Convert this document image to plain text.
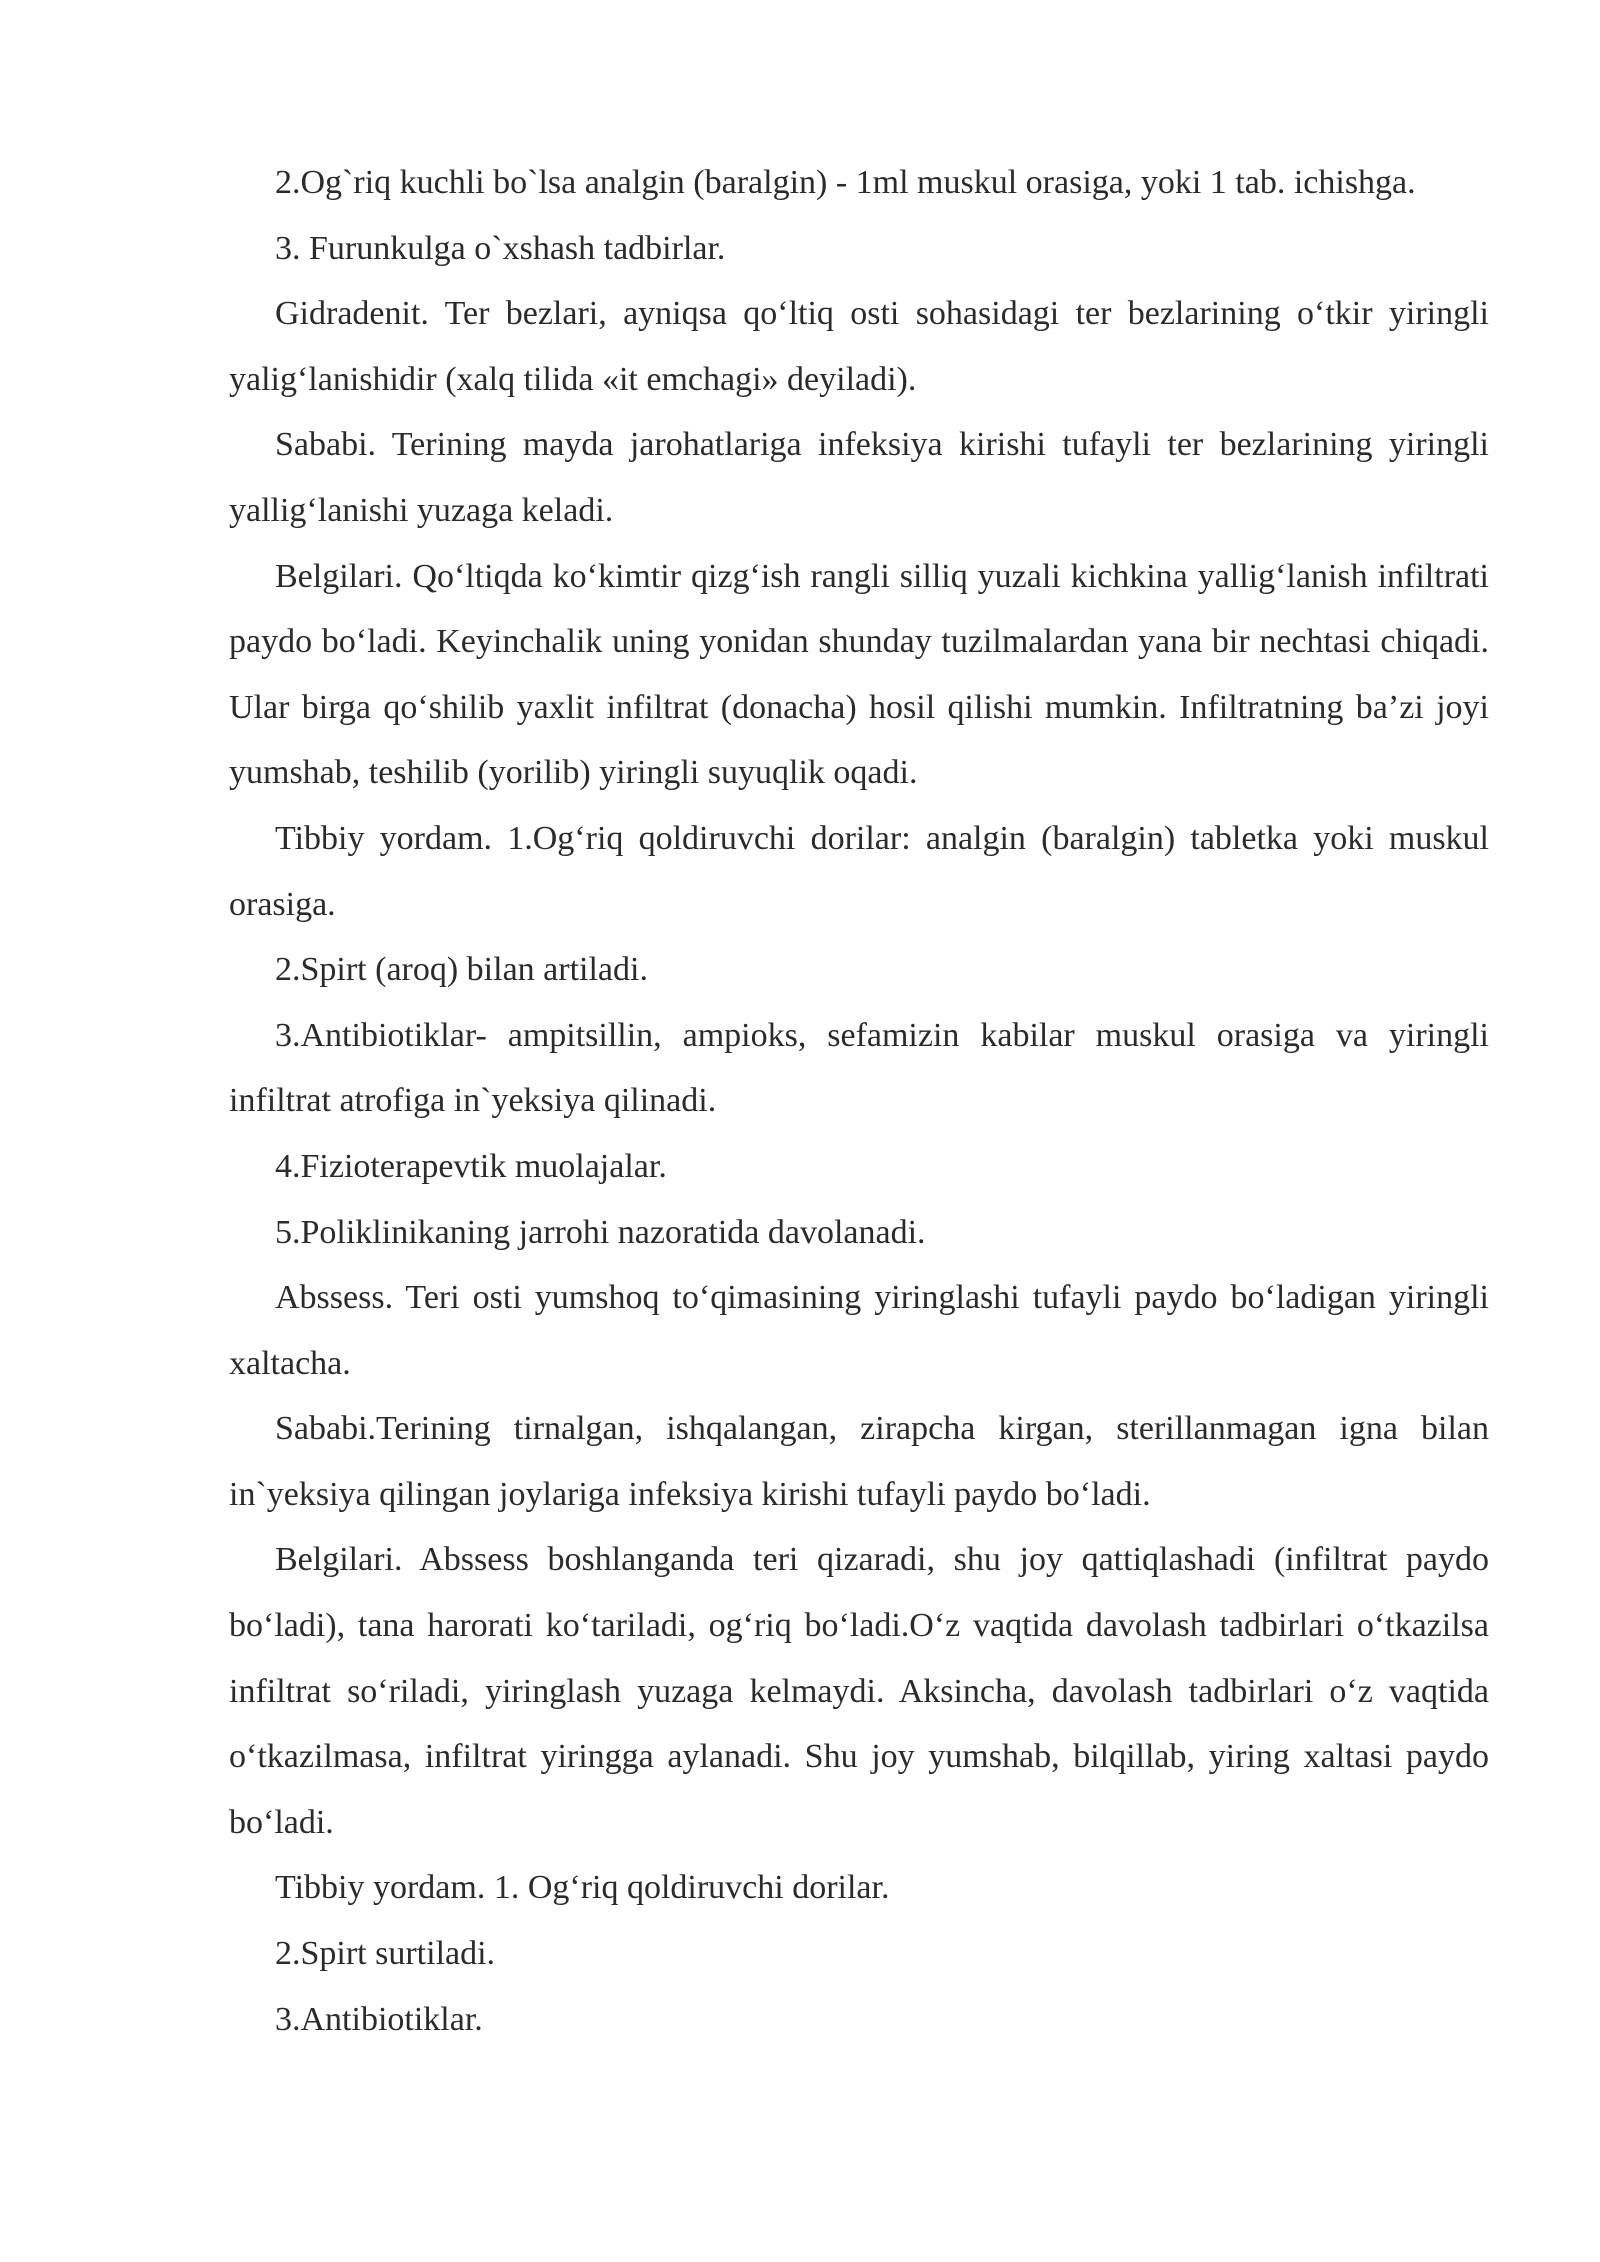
2.Og`riq kuchli bo`lsa analgin (baralgin) - 1ml muskul orasiga, yoki 1 tab. ichishga.

3. Furunkulga o`xshash tadbirlar.

Gidradenit. Ter bezlari, ayniqsa qo‘ltiq osti sohasidagi ter bezlarining o‘tkir yiringli yalig‘lanishidir (xalq tilida «it emchagi» deyiladi).

Sababi. Terining mayda jarohatlariga infeksiya kirishi tufayli ter bezlarining yiringli yallig‘lanishi yuzaga keladi.

Belgilari. Qo‘ltiqda ko‘kimtir qizg‘ish rangli silliq yuzali kichkina yallig‘lanish infiltrati paydo bo‘ladi. Keyinchalik uning yonidan shunday tuzilmalardan yana bir nechtasi chiqadi. Ular birga qo‘shilib yaxlit infiltrat (donacha) hosil qilishi mumkin. Infiltratning ba’zi joyi yumshab, teshilib (yorilib) yiringli suyuqlik oqadi.

Tibbiy yordam. 1.Og‘riq qoldiruvchi dorilar: analgin (baralgin) tabletka yoki muskul orasiga.

2.Spirt (aroq) bilan artiladi.

3.Antibiotiklar- ampitsillin, ampioks, sefamizin kabilar muskul orasiga va yiringli infiltrat atrofiga in`yeksiya qilinadi.

4.Fizioterapevtik muolajalar.

5.Poliklinikaning jarrohi nazoratida davolanadi.

Abssess. Teri osti yumshoq to‘qimasining yiringlashi tufayli paydo bo‘ladigan yiringli xaltacha.

Sababi.Terining tirnalgan, ishqalangan, zirapcha kirgan, sterillanmagan igna bilan in`yeksiya qilingan joylariga infeksiya kirishi tufayli paydo bo‘ladi.

Belgilari. Abssess boshlanganda teri qizaradi, shu joy qattiqlashadi (infiltrat paydo bo‘ladi), tana harorati ko‘tariladi, og‘riq bo‘ladi.O‘z vaqtida davolash tadbirlari o‘tkazilsa infiltrat so‘riladi, yiringlash yuzaga kelmaydi. Aksincha, davolash tadbirlari o‘z vaqtida o‘tkazilmasa, infiltrat yiringga aylanadi. Shu joy yumshab, bilqillab, yiring xaltasi paydo bo‘ladi.

Tibbiy yordam. 1. Og‘riq qoldiruvchi dorilar.

2.Spirt surtiladi.

3.Antibiotiklar.
